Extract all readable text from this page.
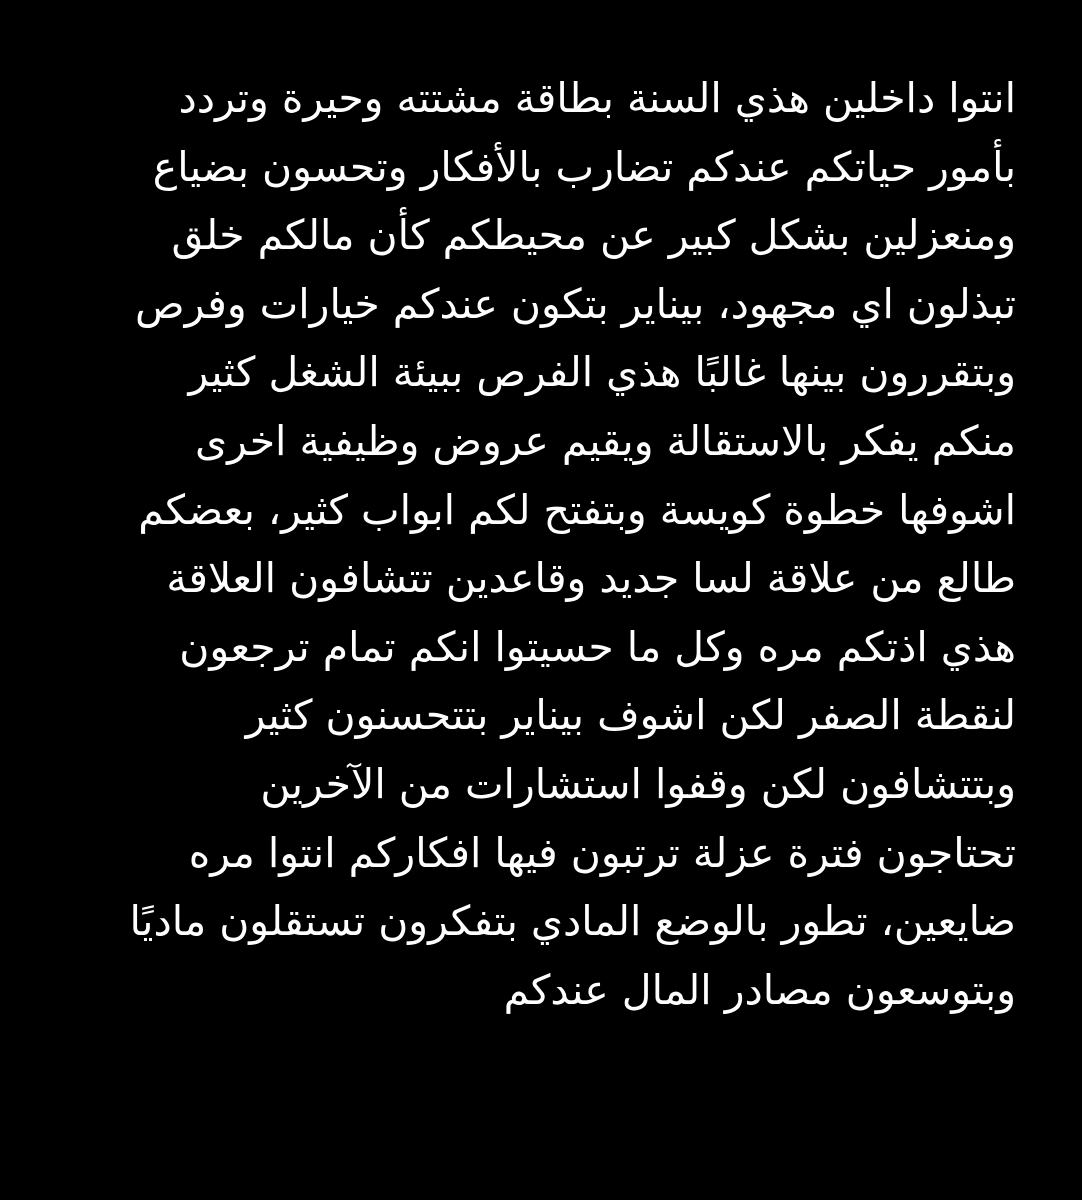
انتوا داخلين هذي السنة بطاقة مشتته وحيرة وتردد
بأمور حياتكم عندكم تضارب بالأفكار وتحسون بضياع
ومنعزلين بشكل كبير عن محيطكم كأن مالكم خلق
تبذلون اي مجهود، بيناير بتكون عندكم خيارات وفرص
وبتقررون بينها غالبًا هذي الفرص ببيئة الشغل كثير
منكم يفكر بالاستقالة ويقيم عروض وظيفية اخرى
اشوفها خطوة كويسة وبتفتح لكم ابواب كثير، بعضكم
طالع من علاقة لسا جديد وقاعدين تتشافون العلاقة
هذي اذتكم مره وكل ما حسيتوا انكم تمام ترجعون
لنقطة الصفر لكن اشوف بيناير بتتحسنون كثير
وبتتشافون لكن وقفوا استشارات من الآخرين
تحتاجون فترة عزلة ترتبون فيها افكاركم انتوا مره
ضايعين، تطور بالوضع المادي بتفكرون تستقلون ماديًا
وبتوسعون مصادر المال عندكم
